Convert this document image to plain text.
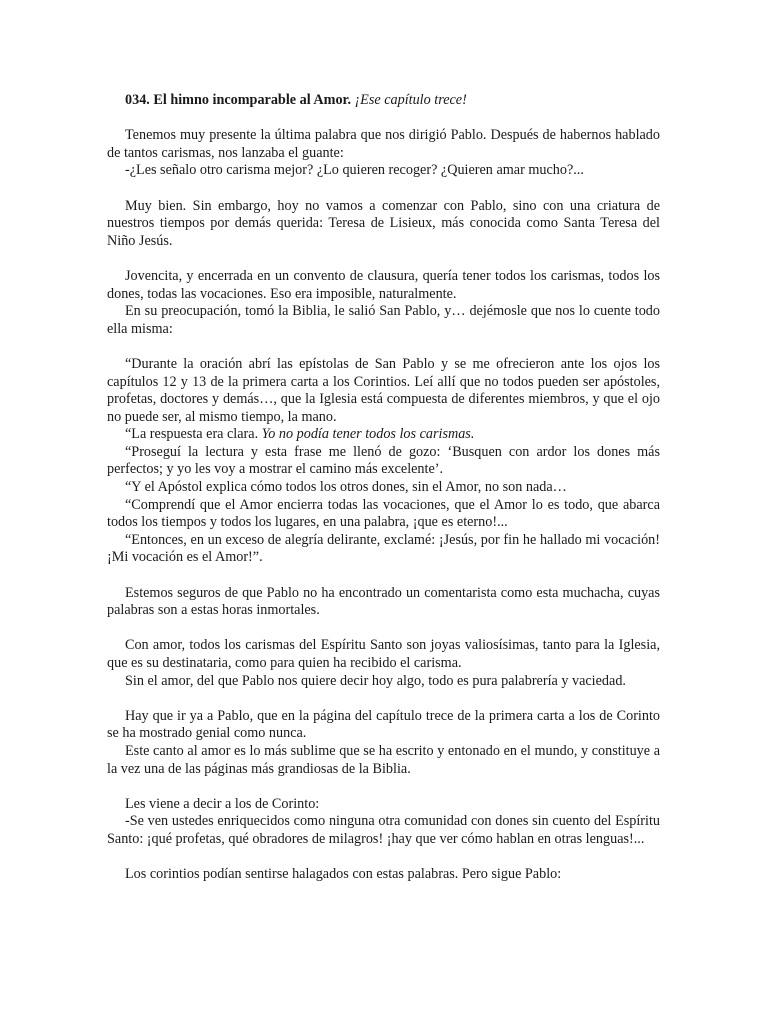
034. El himno incomparable al Amor. ¡Ese capítulo trece!

Tenemos muy presente la última palabra que nos dirigió Pablo. Después de habernos hablado de tantos carismas, nos lanzaba el guante:

-¿Les señalo otro carisma mejor? ¿Lo quieren recoger? ¿Quieren amar mucho?...

Muy bien. Sin embargo, hoy no vamos a comenzar con Pablo, sino con una criatura de nuestros tiempos por demás querida: Teresa de Lisieux, más conocida como Santa Teresa del Niño Jesús.

Jovencita, y encerrada en un convento de clausura, quería tener todos los carismas, todos los dones, todas las vocaciones. Eso era imposible, naturalmente.

En su preocupación, tomó la Biblia, le salió San Pablo, y… dejémosle que nos lo cuente todo ella misma:

“Durante la oración abrí las epístolas de San Pablo y se me ofrecieron ante los ojos los capítulos 12 y 13 de la primera carta a los Corintios. Leí allí que no todos pueden ser apóstoles, profetas, doctores y demás…, que la Iglesia está compuesta de diferentes miembros, y que el ojo no puede ser, al mismo tiempo, la mano.

“La respuesta era clara. Yo no podía tener todos los carismas.

“Proseguí la lectura y esta frase me llenó de gozo: ‘Busquen con ardor los dones más perfectos; y yo les voy a mostrar el camino más excelente’.

“Y el Apóstol explica cómo todos los otros dones, sin el Amor, no son nada…

“Comprendí que el Amor encierra todas las vocaciones, que el Amor lo es todo, que abarca todos los tiempos y todos los lugares, en una palabra, ¡que es eterno!...

“Entonces, en un exceso de alegría delirante, exclamé: ¡Jesús, por fin he hallado mi vocación! ¡Mi vocación es el Amor!”.

Estemos seguros de que Pablo no ha encontrado un comentarista como esta muchacha, cuyas palabras son a estas horas inmortales.

Con amor, todos los carismas del Espíritu Santo son joyas valiosísimas, tanto para la Iglesia, que es su destinataria, como para quien ha recibido el carisma.

Sin el amor, del que Pablo nos quiere decir hoy algo, todo es pura palabrería y vaciedad.

Hay que ir ya a Pablo, que en la página del capítulo trece de la primera carta a los de Corinto se ha mostrado genial como nunca.

Este canto al amor es lo más sublime que se ha escrito y entonado en el mundo, y constituye a la vez una de las páginas más grandiosas de la Biblia.

Les viene a decir a los de Corinto:

-Se ven ustedes enriquecidos como ninguna otra comunidad con dones sin cuento del Espíritu Santo: ¡qué profetas, qué obradores de milagros! ¡hay que ver cómo hablan en otras lenguas!...

Los corintios podían sentirse halagados con estas palabras. Pero sigue Pablo:
